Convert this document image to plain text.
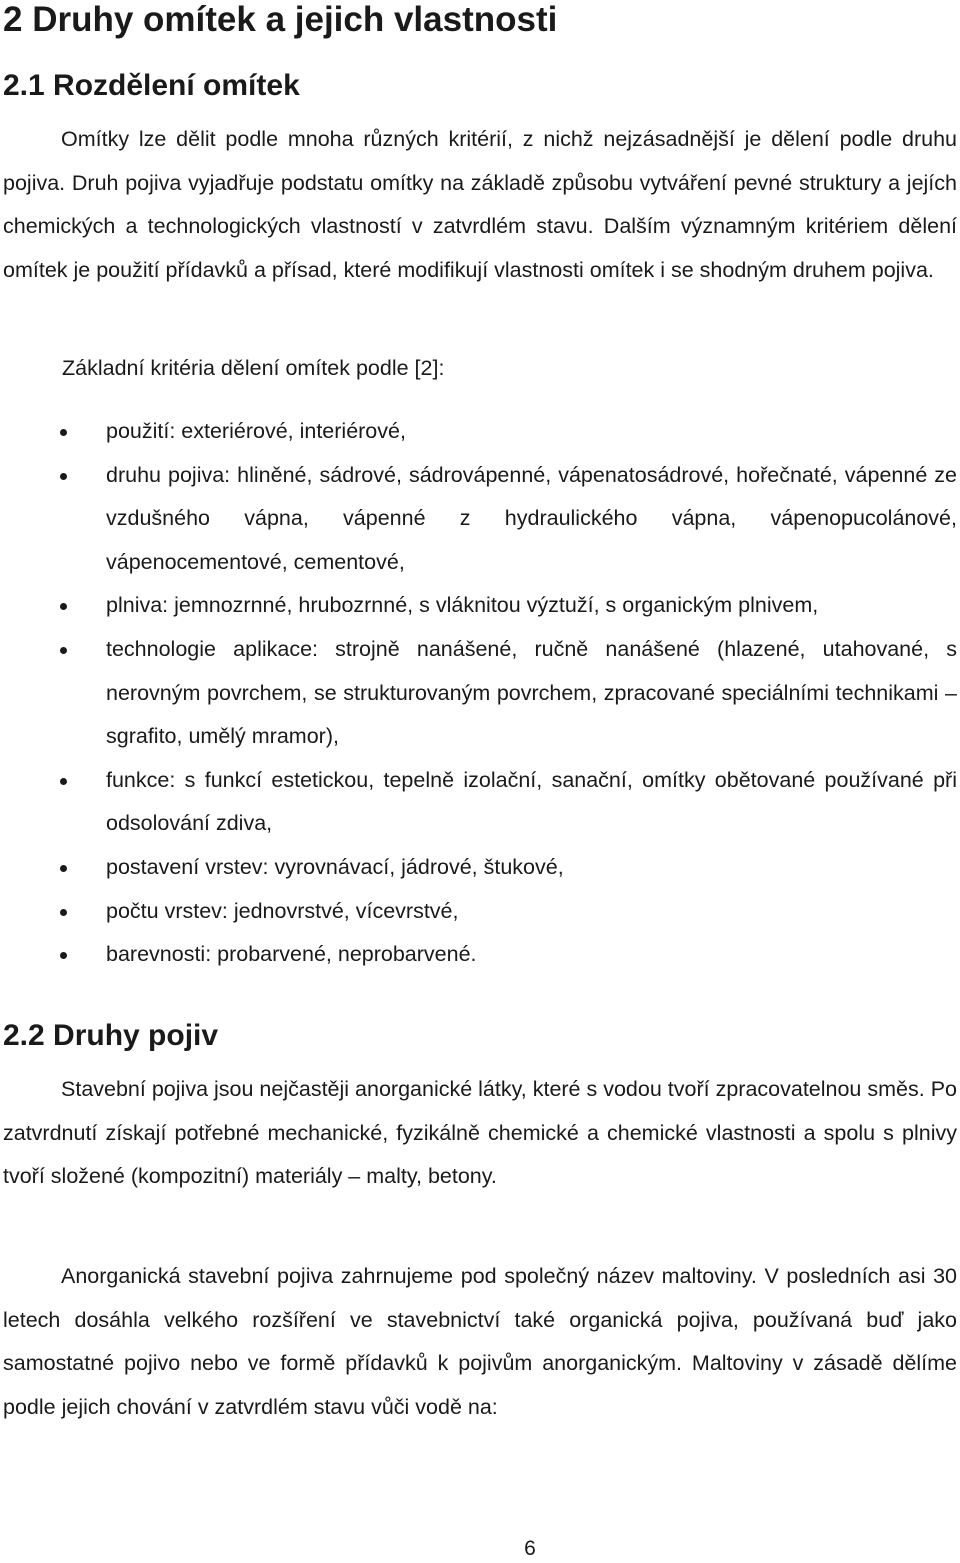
2 Druhy omítek a jejich vlastnosti
2.1 Rozdělení omítek

Omítky lze dělit podle mnoha různých kritérií, z nichž nejzásadnější je dělení podle druhu pojiva. Druh pojiva vyjadřuje podstatu omítky na základě způsobu vytváření pevné struktury a jejích chemických a technologických vlastností v zatvrdlém stavu. Dalším významným kritériem dělení omítek je použití přídavků a přísad, které modifikují vlastnosti omítek i se shodným druhem pojiva.

Základní kritéria dělení omítek podle [2]:

použití: exteriérové, interiérové,
druhu pojiva: hliněné, sádrové, sádrovápenné, vápenatosádrové, hořečnaté, vápenné ze vzdušného vápna, vápenné z hydraulického vápna, vápenopucolánové, vápenocementové, cementové,
plniva: jemnozrnné, hrubozrnné, s vláknitou výztuží, s organickým plnivem,
technologie aplikace: strojně nanášené, ručně nanášené (hlazené, utahované, s nerovným povrchem, se strukturovaným povrchem, zpracované speciálními technikami – sgrafito, umělý mramor),
funkce: s funkcí estetickou, tepelně izolační, sanační, omítky obětované používané při odsolování zdiva,
postavení vrstev: vyrovnávací, jádrové, štukové,
počtu vrstev: jednovrstvé, vícevrstvé,
barevnosti: probarvené, neprobarvené.
2.2 Druhy pojiv

Stavební pojiva jsou nejčastěji anorganické látky, které s vodou tvoří zpracovatelnou směs. Po zatvrdnutí získají potřebné mechanické, fyzikálně chemické a chemické vlastnosti a spolu s plnivy tvoří složené (kompozitní) materiály – malty, betony.

Anorganická stavební pojiva zahrnujeme pod společný název maltoviny. V posledních asi 30 letech dosáhla velkého rozšíření ve stavebnictví také organická pojiva, používaná buď jako samostatné pojivo nebo ve formě přídavků k pojivům anorganickým. Maltoviny v zásadě dělíme podle jejich chování v zatvrdlém stavu vůči vodě na:

6
